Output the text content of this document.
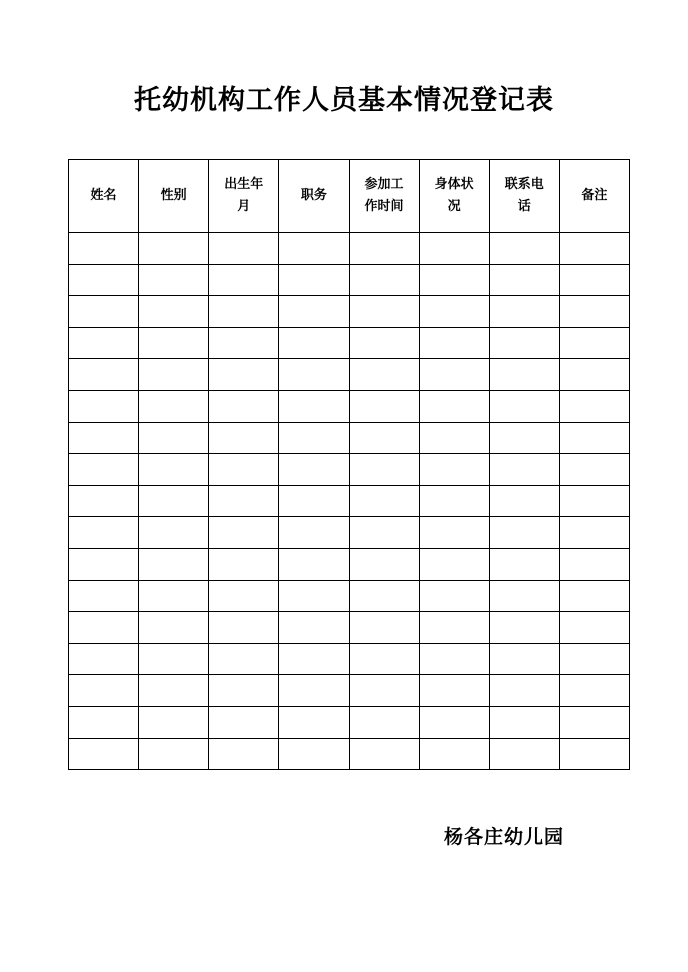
托幼机构工作人员基本情况登记表
姓名	性别	出生年月	职务	参加工作时间	身体状况	联系电话	备注

杨各庄幼儿园
